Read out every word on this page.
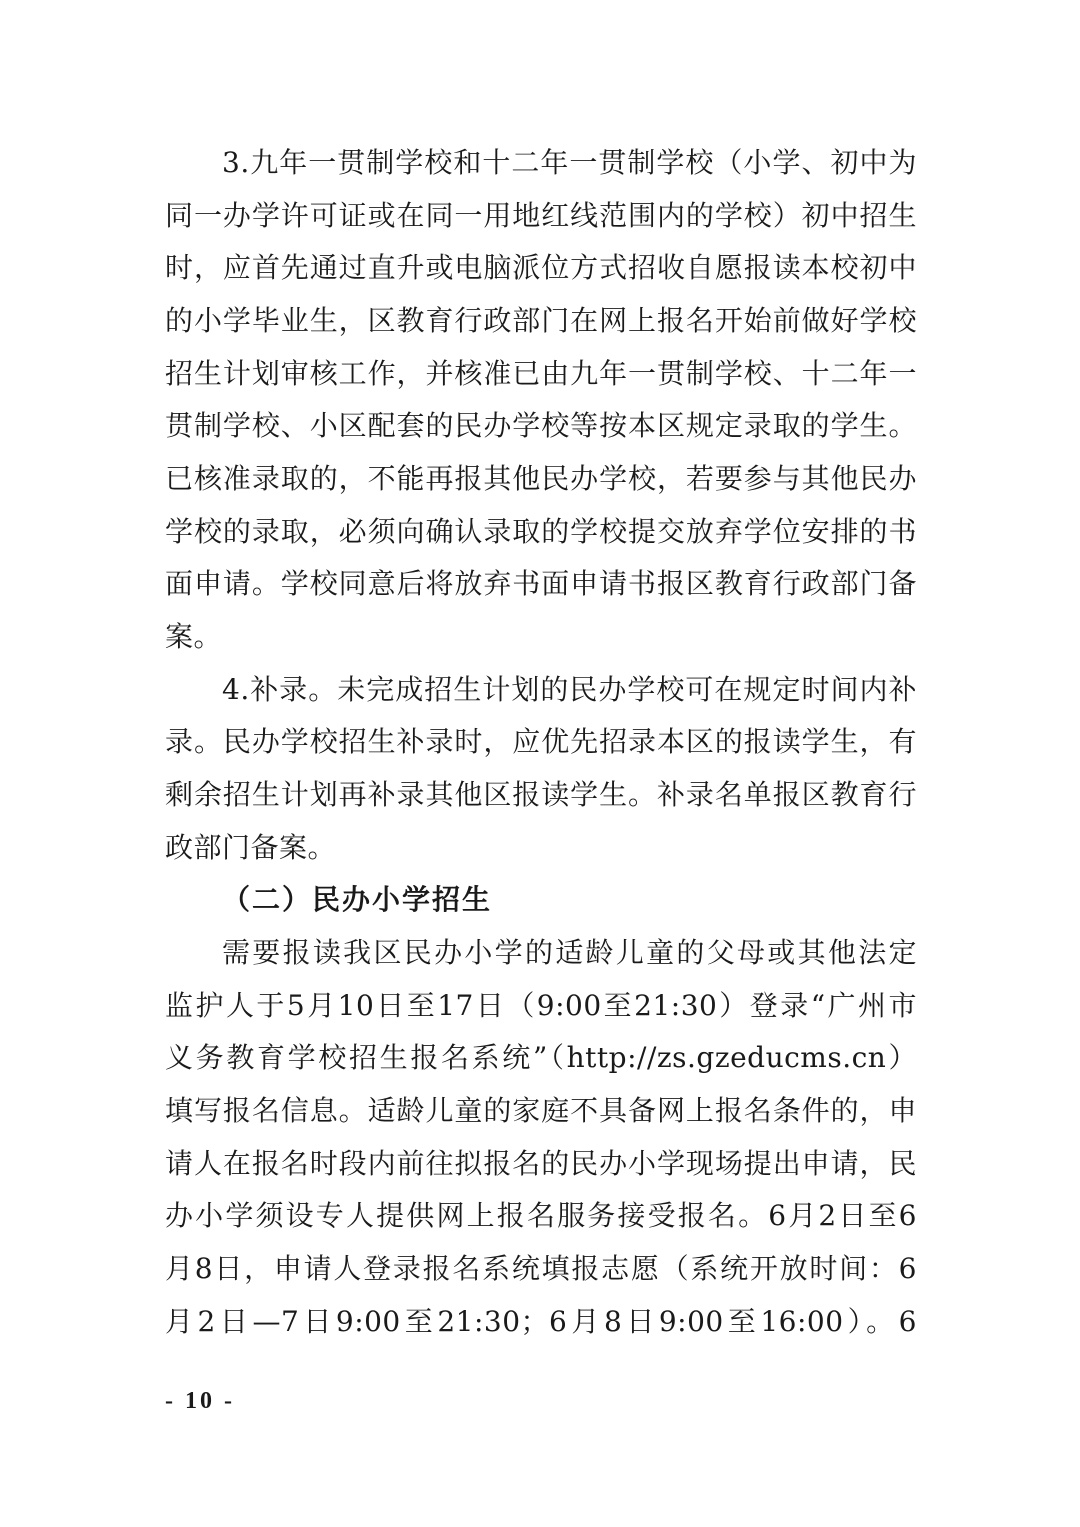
3.九年一贯制学校和十二年一贯制学校（小学、初中为
同一办学许可证或在同一用地红线范围内的学校）初中招生
时，应首先通过直升或电脑派位方式招收自愿报读本校初中
的小学毕业生，区教育行政部门在网上报名开始前做好学校
招生计划审核工作，并核准已由九年一贯制学校、十二年一
贯制学校、小区配套的民办学校等按本区规定录取的学生。
已核准录取的，不能再报其他民办学校，若要参与其他民办
学校的录取，必须向确认录取的学校提交放弃学位安排的书
面申请。学校同意后将放弃书面申请书报区教育行政部门备
案。
4.补录。未完成招生计划的民办学校可在规定时间内补
录。民办学校招生补录时，应优先招录本区的报读学生，有
剩余招生计划再补录其他区报读学生。补录名单报区教育行
政部门备案。
（二）民办小学招生
需要报读我区民办小学的适龄儿童的父母或其他法定
监护人于5月10日至17日（9:00至21:30）登录“广州市
义务教育学校招生报名系统”（http://zs.gzeducms.cn）
填写报名信息。适龄儿童的家庭不具备网上报名条件的，申
请人在报名时段内前往拟报名的民办小学现场提出申请，民
办小学须设专人提供网上报名服务接受报名。6月2日至6
月8日，申请人登录报名系统填报志愿（系统开放时间：6
月2日—7日9:00至21:30；6月8日9:00至16:00）。6
- 10 -
